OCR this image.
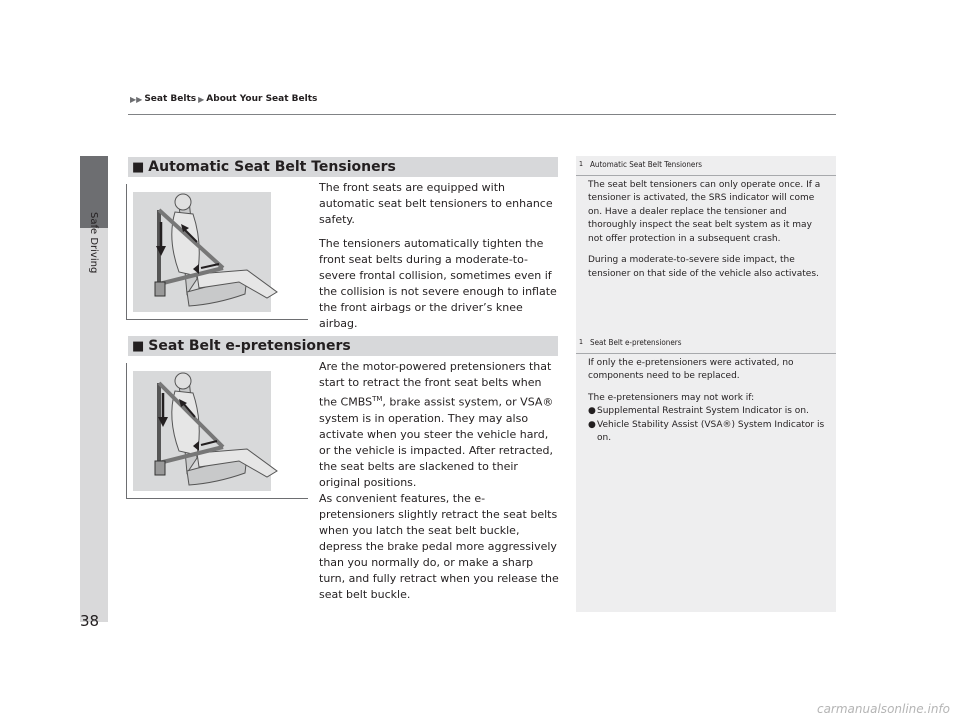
Safe Driving
▶▶ Seat Belts ▶ About Your Seat Belts
■ Automatic Seat Belt Tensioners

The front seats are equipped with automatic seat belt tensioners to enhance safety.

The tensioners automatically tighten the front seat belts during a moderate-to-severe frontal collision, sometimes even if the collision is not severe enough to inflate the front airbags or the driver’s knee airbag.

■ Seat Belt e-pretensioners

Are the motor-powered pretensioners that start to retract the front seat belts when the CMBS™, brake assist system, or VSA® system is in operation. They may also activate when you steer the vehicle hard, or the vehicle is impacted. After retracted, the seat belts are slackened to their original positions.

As convenient features, the e-pretensioners slightly retract the seat belts when you latch the seat belt buckle, depress the brake pedal more aggressively than you normally do, or make a sharp turn, and fully retract when you release the seat belt buckle.

1 Automatic Seat Belt Tensioners

The seat belt tensioners can only operate once. If a tensioner is activated, the SRS indicator will come on. Have a dealer replace the tensioner and thoroughly inspect the seat belt system as it may not offer protection in a subsequent crash.

During a moderate-to-severe side impact, the tensioner on that side of the vehicle also activates.

1 Seat Belt e-pretensioners

If only the e-pretensioners were activated, no components need to be replaced.

The e-pretensioners may not work if:

● Supplemental Restraint System Indicator is on.
● Vehicle Stability Assist (VSA®) System Indicator is on.
38
carmanualsonline.info
